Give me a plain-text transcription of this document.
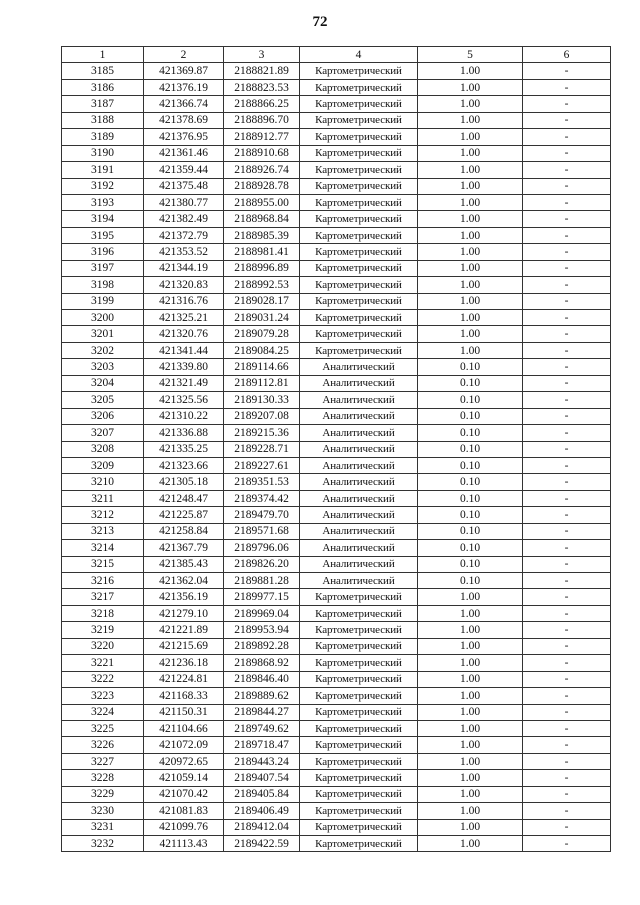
72
1	2	3	4	5	6
3185	421369.87	2188821.89	Картометрический	1.00	-
3186	421376.19	2188823.53	Картометрический	1.00	-
3187	421366.74	2188866.25	Картометрический	1.00	-
3188	421378.69	2188896.70	Картометрический	1.00	-
3189	421376.95	2188912.77	Картометрический	1.00	-
3190	421361.46	2188910.68	Картометрический	1.00	-
3191	421359.44	2188926.74	Картометрический	1.00	-
3192	421375.48	2188928.78	Картометрический	1.00	-
3193	421380.77	2188955.00	Картометрический	1.00	-
3194	421382.49	2188968.84	Картометрический	1.00	-
3195	421372.79	2188985.39	Картометрический	1.00	-
3196	421353.52	2188981.41	Картометрический	1.00	-
3197	421344.19	2188996.89	Картометрический	1.00	-
3198	421320.83	2188992.53	Картометрический	1.00	-
3199	421316.76	2189028.17	Картометрический	1.00	-
3200	421325.21	2189031.24	Картометрический	1.00	-
3201	421320.76	2189079.28	Картометрический	1.00	-
3202	421341.44	2189084.25	Картометрический	1.00	-
3203	421339.80	2189114.66	Аналитический	0.10	-
3204	421321.49	2189112.81	Аналитический	0.10	-
3205	421325.56	2189130.33	Аналитический	0.10	-
3206	421310.22	2189207.08	Аналитический	0.10	-
3207	421336.88	2189215.36	Аналитический	0.10	-
3208	421335.25	2189228.71	Аналитический	0.10	-
3209	421323.66	2189227.61	Аналитический	0.10	-
3210	421305.18	2189351.53	Аналитический	0.10	-
3211	421248.47	2189374.42	Аналитический	0.10	-
3212	421225.87	2189479.70	Аналитический	0.10	-
3213	421258.84	2189571.68	Аналитический	0.10	-
3214	421367.79	2189796.06	Аналитический	0.10	-
3215	421385.43	2189826.20	Аналитический	0.10	-
3216	421362.04	2189881.28	Аналитический	0.10	-
3217	421356.19	2189977.15	Картометрический	1.00	-
3218	421279.10	2189969.04	Картометрический	1.00	-
3219	421221.89	2189953.94	Картометрический	1.00	-
3220	421215.69	2189892.28	Картометрический	1.00	-
3221	421236.18	2189868.92	Картометрический	1.00	-
3222	421224.81	2189846.40	Картометрический	1.00	-
3223	421168.33	2189889.62	Картометрический	1.00	-
3224	421150.31	2189844.27	Картометрический	1.00	-
3225	421104.66	2189749.62	Картометрический	1.00	-
3226	421072.09	2189718.47	Картометрический	1.00	-
3227	420972.65	2189443.24	Картометрический	1.00	-
3228	421059.14	2189407.54	Картометрический	1.00	-
3229	421070.42	2189405.84	Картометрический	1.00	-
3230	421081.83	2189406.49	Картометрический	1.00	-
3231	421099.76	2189412.04	Картометрический	1.00	-
3232	421113.43	2189422.59	Картометрический	1.00	-
